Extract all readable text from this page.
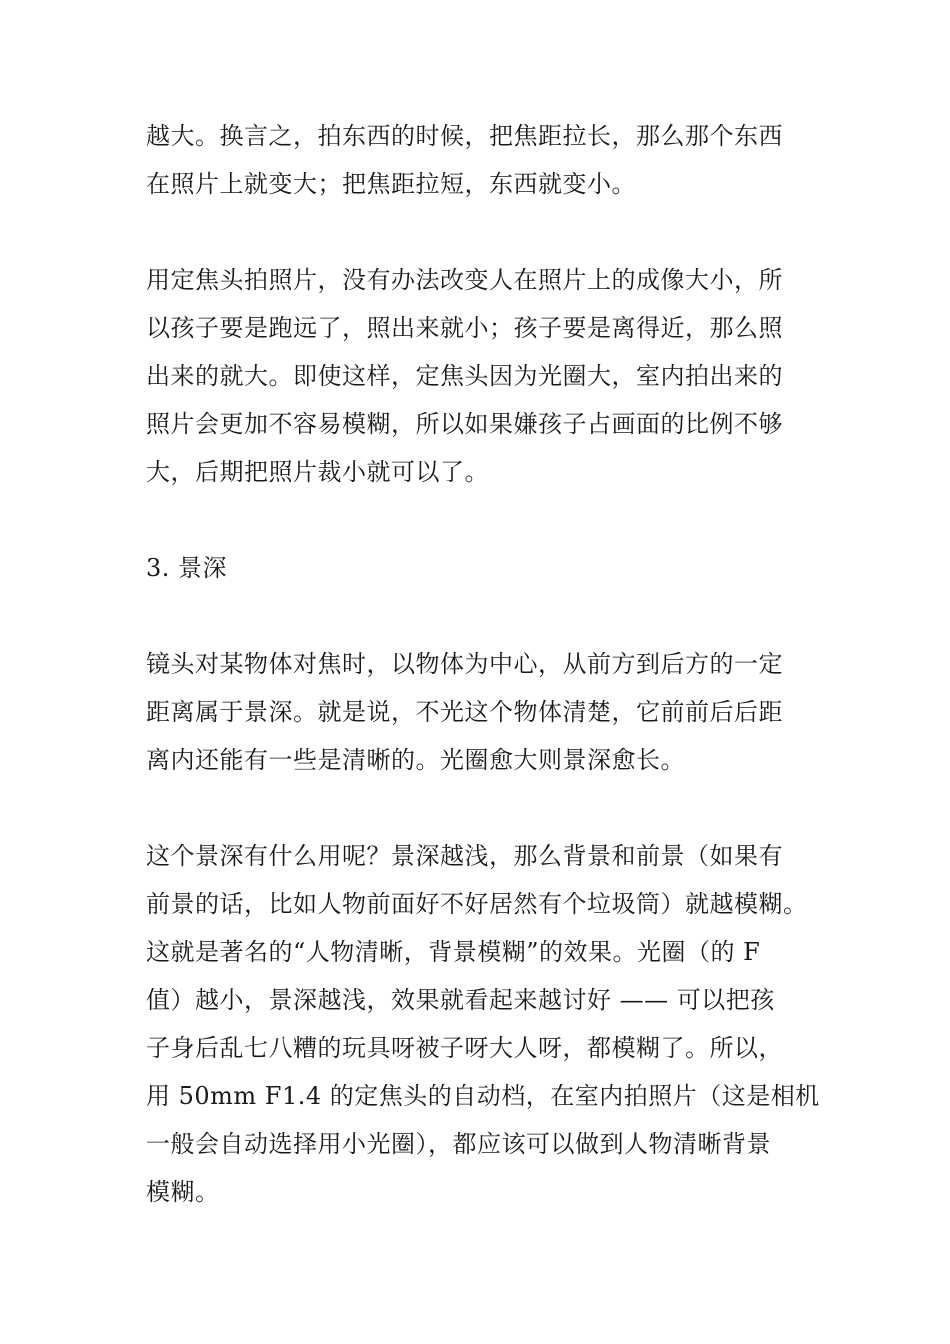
越大。换言之，拍东西的时候，把焦距拉长，那么那个东西
在照片上就变大；把焦距拉短，东西就变小。

用定焦头拍照片，没有办法改变人在照片上的成像大小，所
以孩子要是跑远了，照出来就小；孩子要是离得近，那么照
出来的就大。即使这样，定焦头因为光圈大，室内拍出来的
照片会更加不容易模糊，所以如果嫌孩子占画面的比例不够
大，后期把照片裁小就可以了。

3. 景深

镜头对某物体对焦时，以物体为中心，从前方到后方的一定
距离属于景深。就是说，不光这个物体清楚，它前前后后距
离内还能有一些是清晰的。光圈愈大则景深愈长。

这个景深有什么用呢？景深越浅，那么背景和前景（如果有
前景的话，比如人物前面好不好居然有个垃圾筒）就越模糊。
这就是著名的“人物清晰，背景模糊”的效果。光圈（的 F
值）越小，景深越浅，效果就看起来越讨好 —— 可以把孩
子身后乱七八糟的玩具呀被子呀大人呀，都模糊了。所以，
用 50mm F1.4 的定焦头的自动档，在室内拍照片（这是相机
一般会自动选择用小光圈），都应该可以做到人物清晰背景
模糊。
